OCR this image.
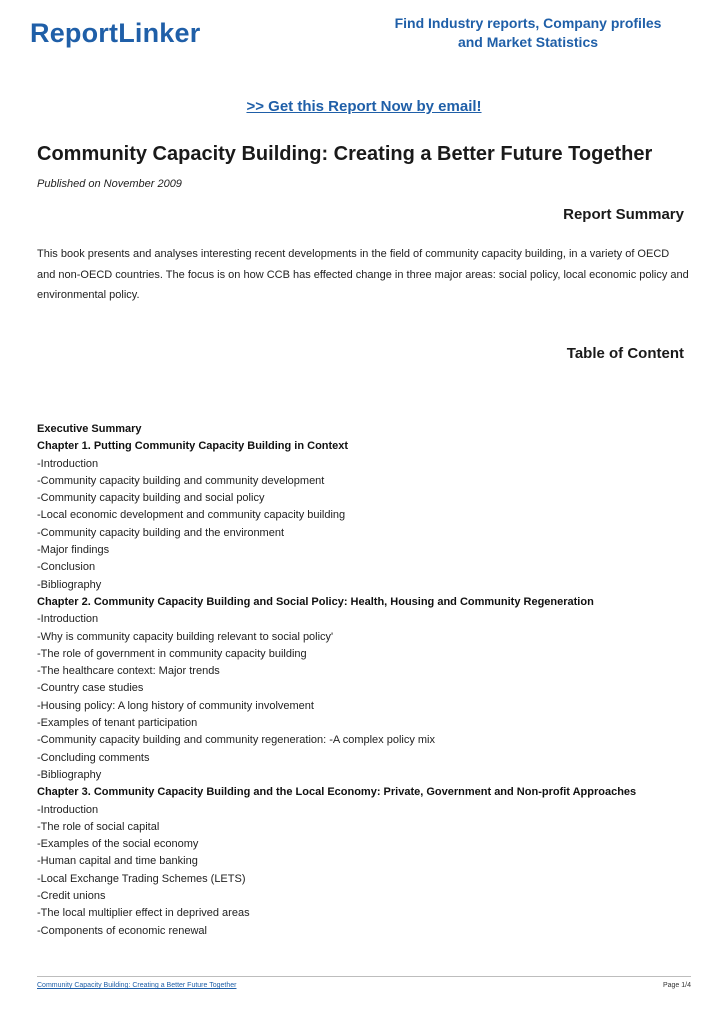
ReportLinker	Find Industry reports, Company profiles
and Market Statistics
>> Get this Report Now by email!
Community Capacity Building: Creating a Better Future Together
Published on November 2009
Report Summary
This book presents and analyses interesting recent developments in the field of community capacity building, in a variety of OECD and non-OECD countries. The focus is on how CCB has effected change in three major areas: social policy, local economic policy and environmental policy.
Table of Content
Executive Summary
Chapter 1. Putting Community Capacity Building in Context
-Introduction
-Community capacity building and community development
-Community capacity building and social policy
-Local economic development and community capacity building
-Community capacity building and the environment
-Major findings
-Conclusion
-Bibliography
Chapter 2. Community Capacity Building and Social Policy: Health, Housing and Community Regeneration
-Introduction
-Why is community capacity building relevant to social policy'
-The role of government in community capacity building
-The healthcare context: Major trends
-Country case studies
-Housing policy: A long history of community involvement
-Examples of tenant participation
-Community capacity building and community regeneration: -A complex policy mix
-Concluding comments
-Bibliography
Chapter 3. Community Capacity Building and the Local Economy: Private, Government and Non-profit Approaches
-Introduction
-The role of social capital
-Examples of the social economy
-Human capital and time banking
-Local Exchange Trading Schemes (LETS)
-Credit unions
-The local multiplier effect in deprived areas
-Components of economic renewal
Community Capacity Building: Creating a Better Future Together	Page 1/4
